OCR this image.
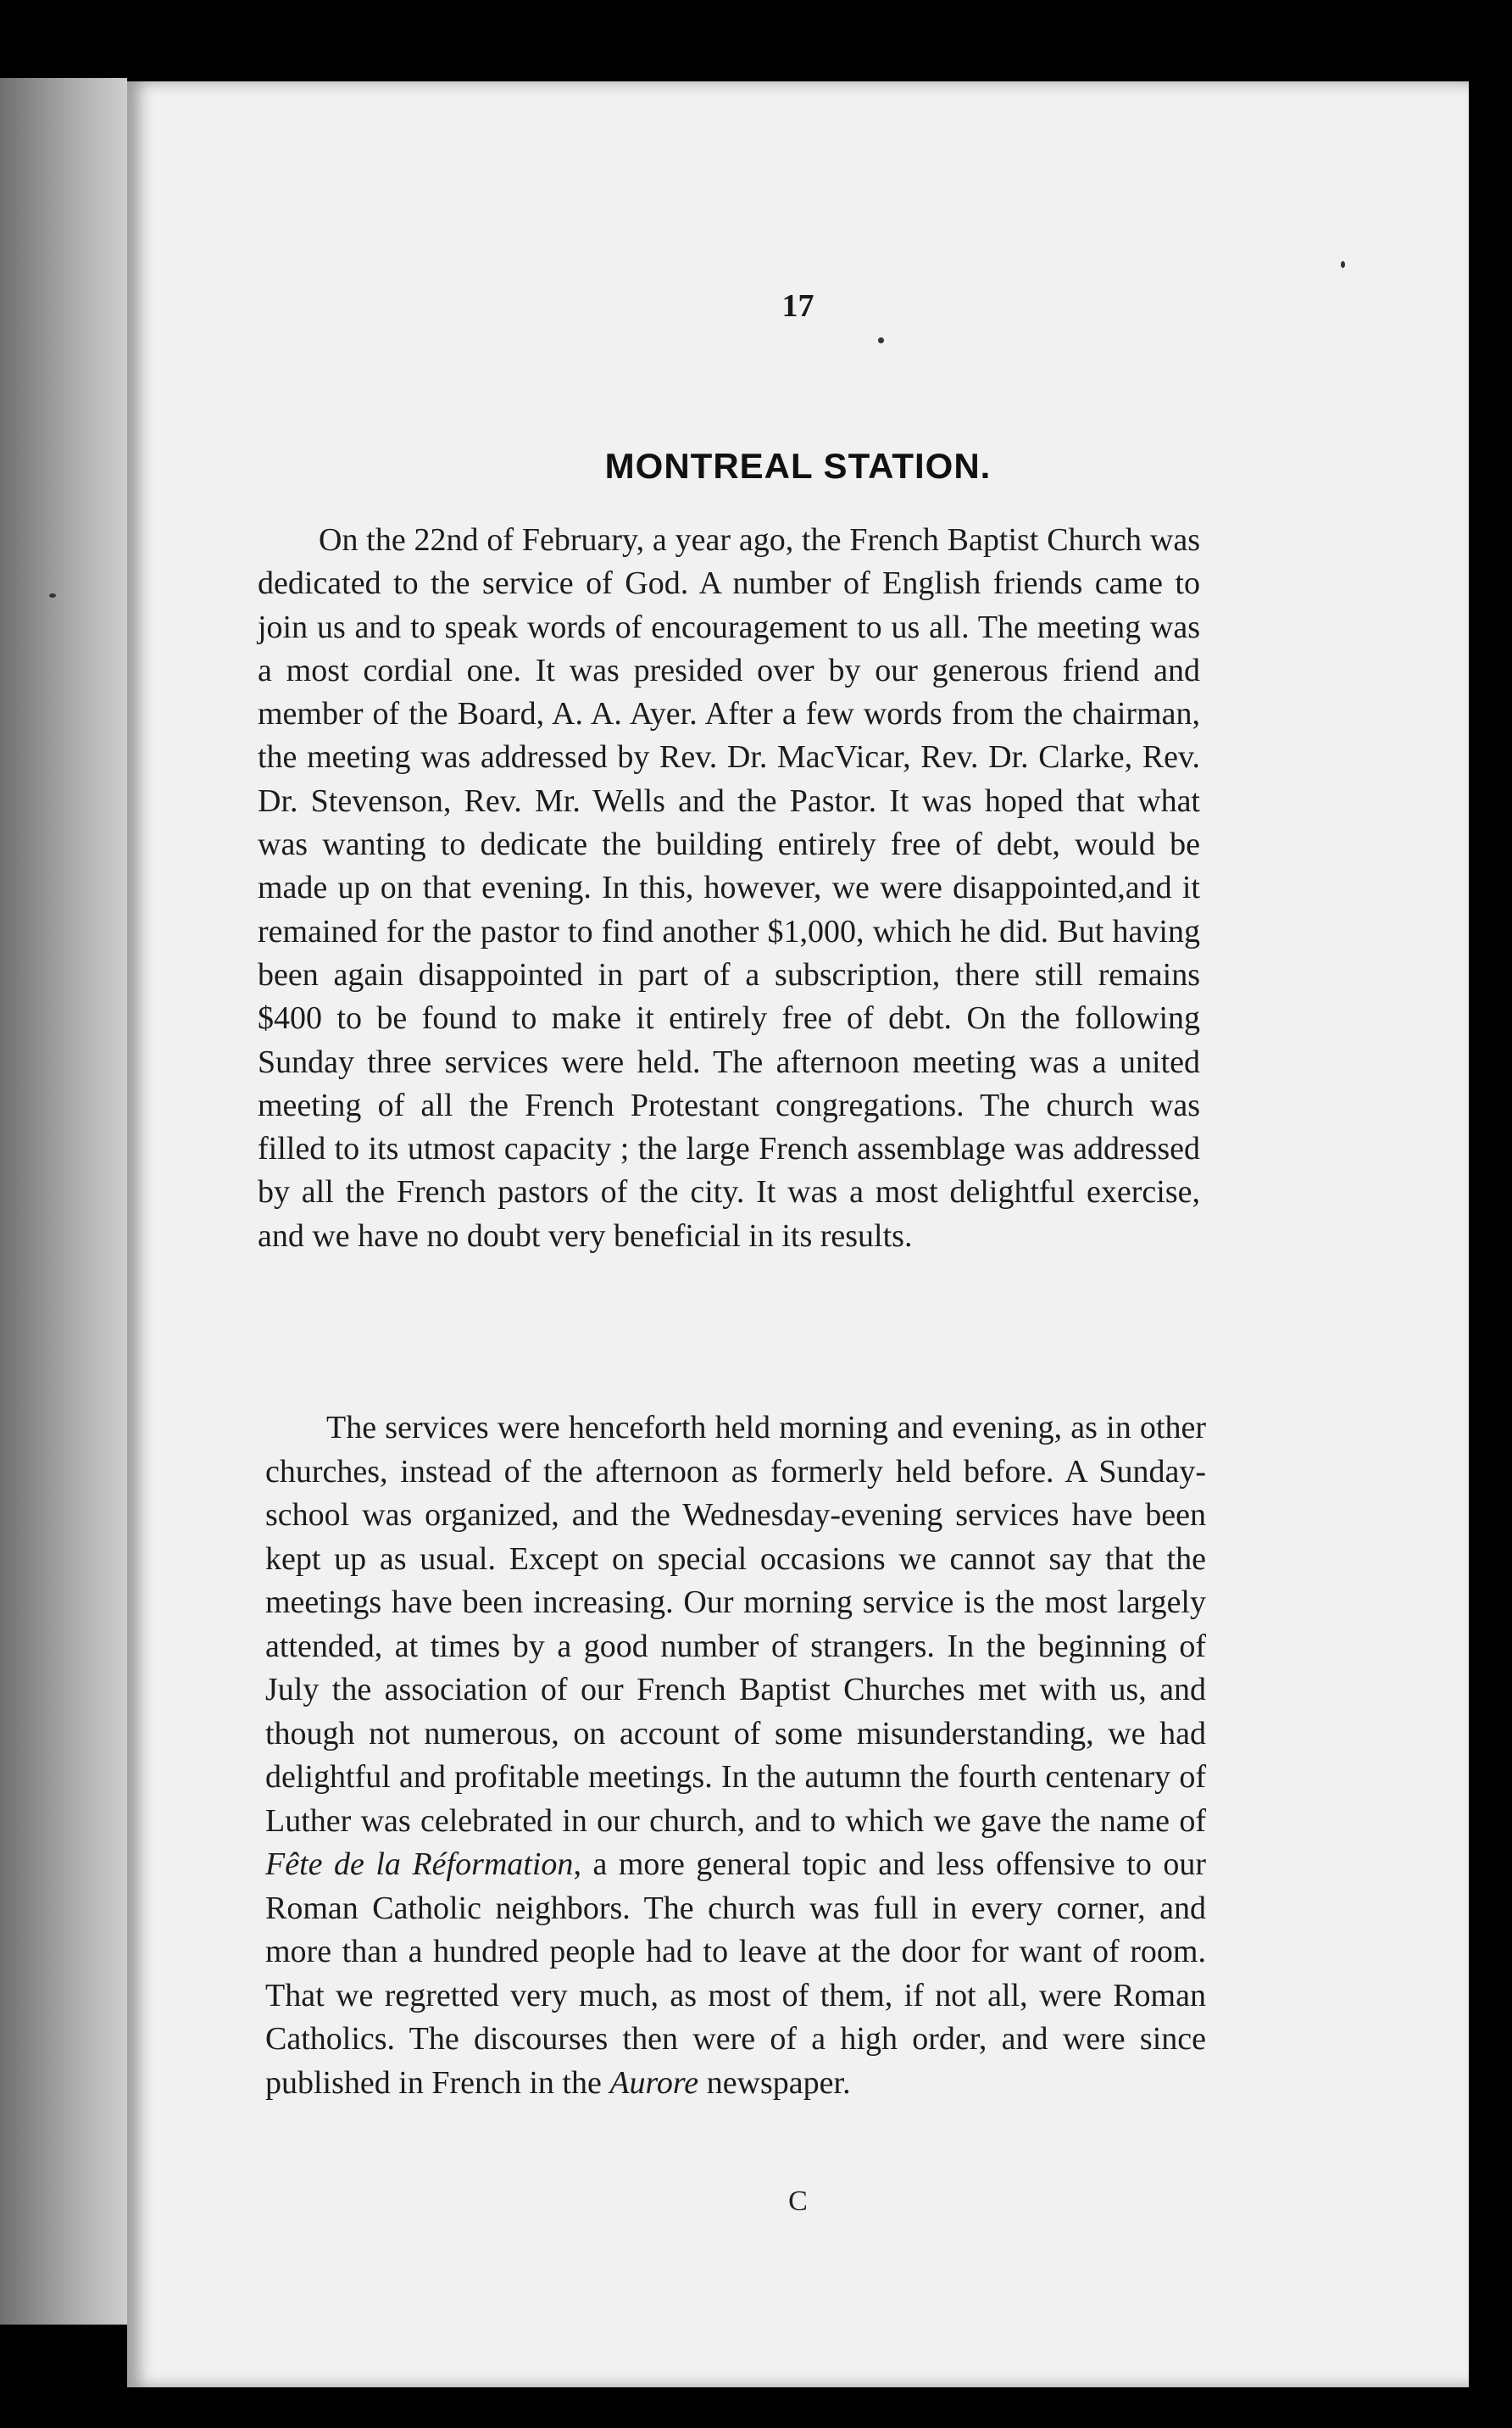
17
MONTREAL STATION.

On the 22nd of February, a year ago, the French Baptist Church was dedicated to the service of God. A number of English friends came to join us and to speak words of encouragement to us all. The meeting was a most cordial one. It was presided over by our generous friend and member of the Board, A. A. Ayer. After a few words from the chairman, the meeting was addressed by Rev. Dr. MacVicar, Rev. Dr. Clarke, Rev. Dr. Stevenson, Rev. Mr. Wells and the Pastor. It was hoped that what was wanting to dedicate the building entirely free of debt, would be made up on that evening. In this, however, we were disappointed,and it remained for the pastor to find another $1,000, which he did. But having been again disappointed in part of a subscription, there still remains $400 to be found to make it entirely free of debt. On the following Sunday three services were held. The afternoon meeting was a united meeting of all the French Protestant congregations. The church was filled to its utmost capacity ; the large French assemblage was addressed by all the French pastors of the city. It was a most delightful exercise, and we have no doubt very beneficial in its results.

The services were henceforth held morning and evening, as in other churches, instead of the afternoon as formerly held before. A Sunday-school was organized, and the Wednesday-evening services have been kept up as usual. Except on special occasions we cannot say that the meetings have been increasing. Our morning service is the most largely attended, at times by a good number of strangers. In the beginning of July the association of our French Baptist Churches met with us, and though not numerous, on account of some misunderstanding, we had delightful and profitable meetings. In the autumn the fourth centenary of Luther was celebrated in our church, and to which we gave the name of Fête de la Réformation, a more general topic and less offensive to our Roman Catholic neighbors. The church was full in every corner, and more than a hundred people had to leave at the door for want of room. That we regretted very much, as most of them, if not all, were Roman Catholics. The discourses then were of a high order, and were since published in French in the Aurore newspaper.

C
